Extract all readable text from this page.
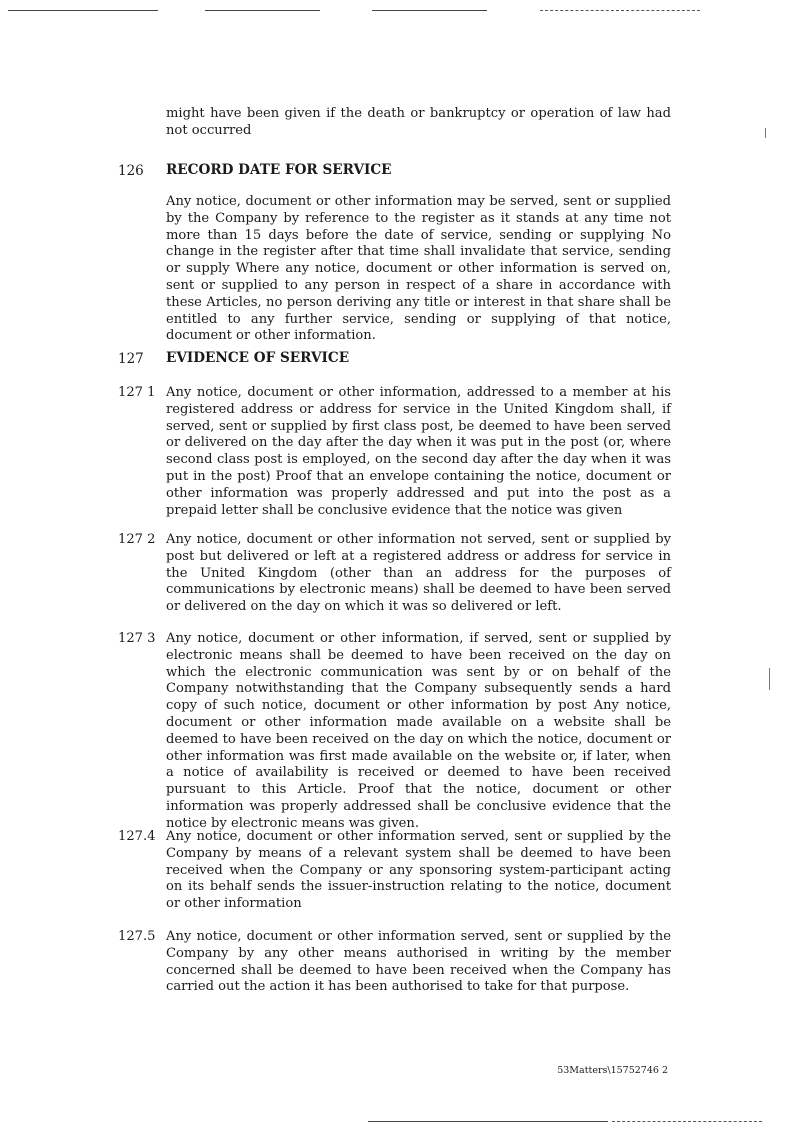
might have been given if the death or bankruptcy or operation of law had not occurred
126 RECORD DATE FOR SERVICE
Any notice, document or other information may be served, sent or supplied by the Company by reference to the register as it stands at any time not more than 15 days before the date of service, sending or supplying No change in the register after that time shall invalidate that service, sending or supply Where any notice, document or other information is served on, sent or supplied to any person in respect of a share in accordance with these Articles, no person deriving any title or interest in that share shall be entitled to any further service, sending or supplying of that notice, document or other information.
127 EVIDENCE OF SERVICE
127 1 Any notice, document or other information, addressed to a member at his registered address or address for service in the United Kingdom shall, if served, sent or supplied by first class post, be deemed to have been served or delivered on the day after the day when it was put in the post (or, where second class post is employed, on the second day after the day when it was put in the post) Proof that an envelope containing the notice, document or other information was properly addressed and put into the post as a prepaid letter shall be conclusive evidence that the notice was given
127 2 Any notice, document or other information not served, sent or supplied by post but delivered or left at a registered address or address for service in the United Kingdom (other than an address for the purposes of communications by electronic means) shall be deemed to have been served or delivered on the day on which it was so delivered or left.
127 3 Any notice, document or other information, if served, sent or supplied by electronic means shall be deemed to have been received on the day on which the electronic communication was sent by or on behalf of the Company notwithstanding that the Company subsequently sends a hard copy of such notice, document or other information by post Any notice, document or other information made available on a website shall be deemed to have been received on the day on which the notice, document or other information was first made available on the website or, if later, when a notice of availability is received or deemed to have been received pursuant to this Article. Proof that the notice, document or other information was properly addressed shall be conclusive evidence that the notice by electronic means was given.
127.4 Any notice, document or other information served, sent or supplied by the Company by means of a relevant system shall be deemed to have been received when the Company or any sponsoring system-participant acting on its behalf sends the issuer-instruction relating to the notice, document or other information
127.5 Any notice, document or other information served, sent or supplied by the Company by any other means authorised in writing by the member concerned shall be deemed to have been received when the Company has carried out the action it has been authorised to take for that purpose.
53Matters\15752746 2
